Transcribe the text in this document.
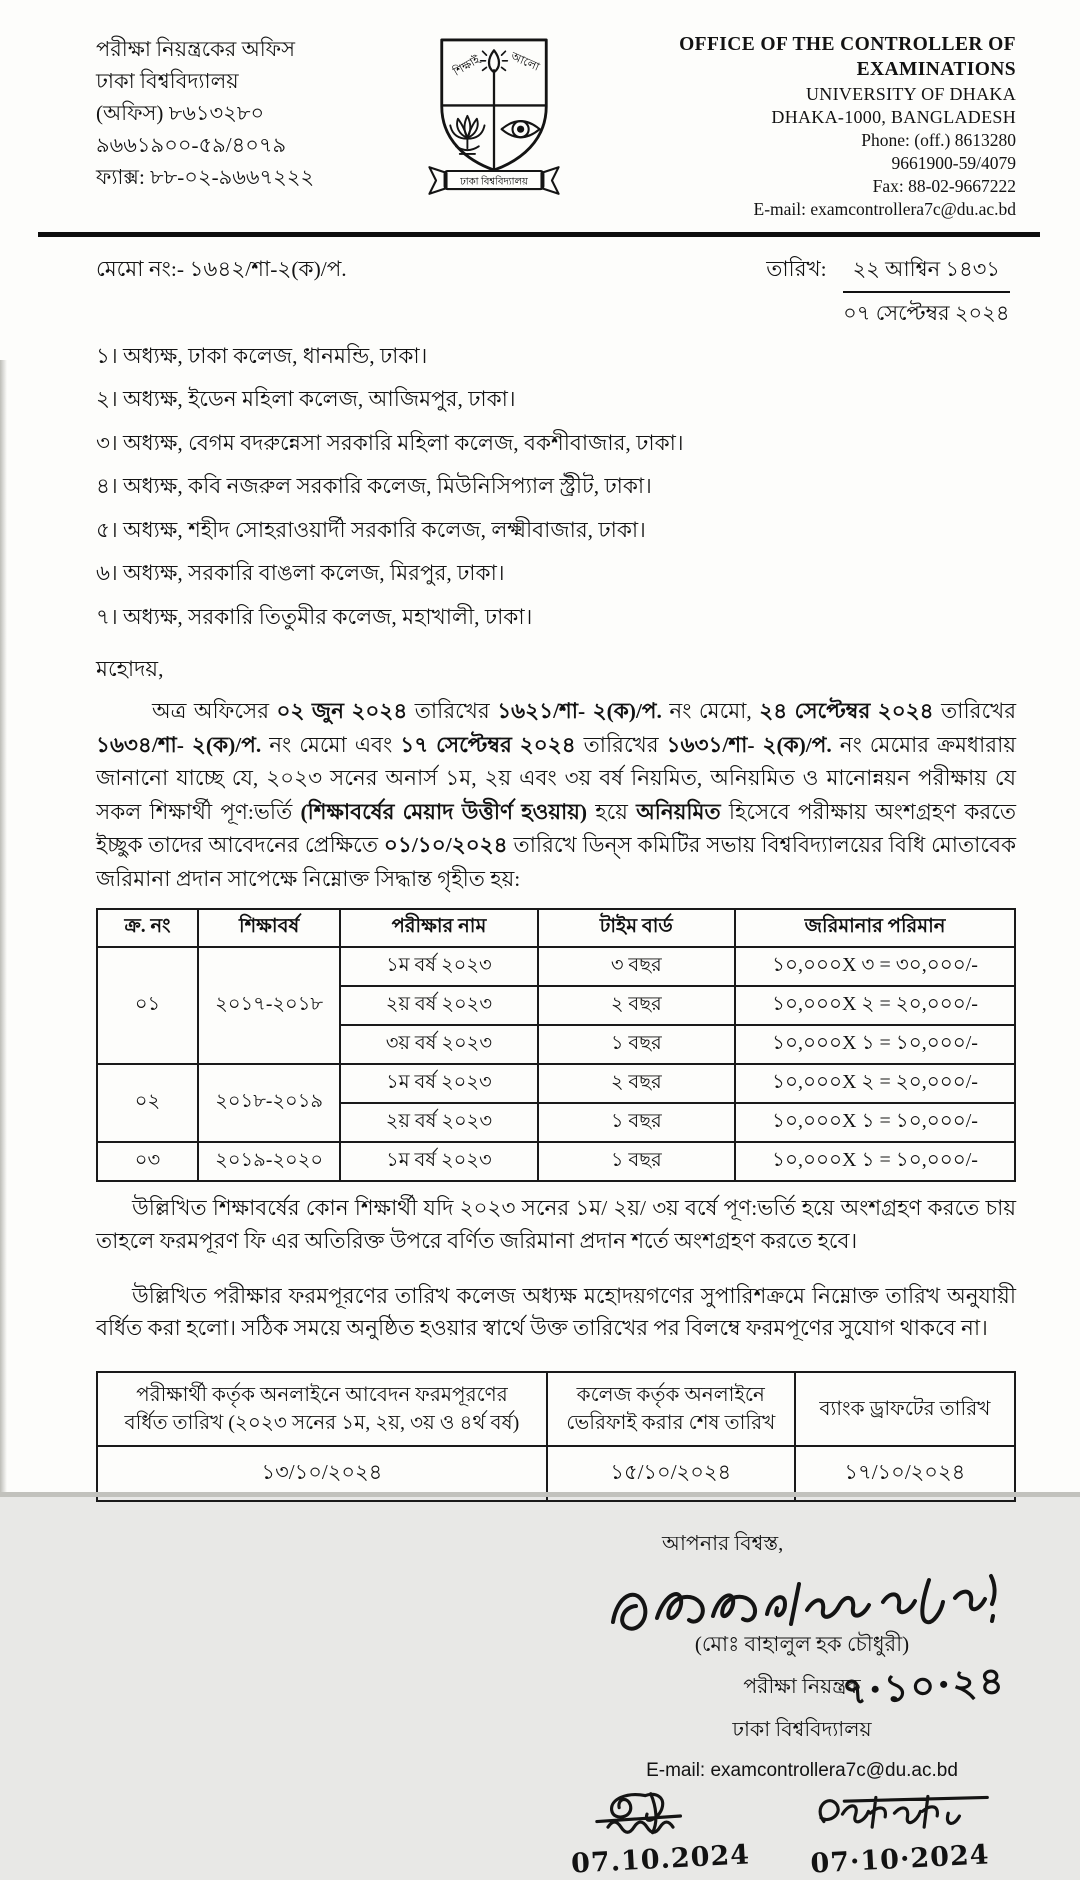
পরীক্ষা নিয়ন্ত্রকের অফিস
ঢাকা বিশ্ববিদ্যালয়
(অফিস) ৮৬১৩২৮০
৯৬৬১৯০০-৫৯/৪০৭৯
ফ্যাক্স: ৮৮-০২-৯৬৬৭২২২
শিক্ষাই আলো
ঢাকা বিশ্ববিদ্যালয়
OFFICE OF THE CONTROLLER OF
EXAMINATIONS
UNIVERSITY OF DHAKA
DHAKA-1000, BANGLADESH
Phone: (off.) 8613280
9661900-59/4079
Fax: 88-02-9667222
E-mail: examcontrollera7c@du.ac.bd
মেমো নং:- ১৬৪২/শা-২(ক)/প.	তারিখ:	২২ আশ্বিন ১৪৩১
০৭ সেপ্টেম্বর ২০২৪
১। অধ্যক্ষ, ঢাকা কলেজ, ধানমন্ডি, ঢাকা।
২। অধ্যক্ষ, ইডেন মহিলা কলেজ, আজিমপুর, ঢাকা।
৩। অধ্যক্ষ, বেগম বদরুন্নেসা সরকারি মহিলা কলেজ, বকশীবাজার, ঢাকা।
৪। অধ্যক্ষ, কবি নজরুল সরকারি কলেজ, মিউনিসিপ্যাল স্ট্রীট, ঢাকা।
৫। অধ্যক্ষ, শহীদ সোহরাওয়ার্দী সরকারি কলেজ, লক্ষ্মীবাজার, ঢাকা।
৬। অধ্যক্ষ, সরকারি বাঙলা কলেজ, মিরপুর, ঢাকা।
৭। অধ্যক্ষ, সরকারি তিতুমীর কলেজ, মহাখালী, ঢাকা।
মহোদয়,

অত্র অফিসের ০২ জুন ২০২৪ তারিখের ১৬২১/শা- ২(ক)/প. নং মেমো, ২৪ সেপ্টেম্বর ২০২৪ তারিখের ১৬৩৪/শা- ২(ক)/প. নং মেমো এবং ১৭ সেপ্টেম্বর ২০২৪ তারিখের ১৬৩১/শা- ২(ক)/প. নং মেমোর ক্রমধারায় জানানো যাচ্ছে যে, ২০২৩ সনের অনার্স ১ম, ২য় এবং ৩য় বর্ষ নিয়মিত, অনিয়মিত ও মানোন্নয়ন পরীক্ষায় যে সকল শিক্ষার্থী পূণ:ভর্তি (শিক্ষাবর্ষের মেয়াদ উত্তীর্ণ হওয়ায়) হয়ে অনিয়মিত হিসেবে পরীক্ষায় অংশগ্রহণ করতে ইচ্ছুক তাদের আবেদনের প্রেক্ষিতে ০১/১০/২০২৪ তারিখে ডিন্‌স কমিটির সভায় বিশ্ববিদ্যালয়ের বিধি মোতাবেক জরিমানা প্রদান সাপেক্ষে নিম্নোক্ত সিদ্ধান্ত গৃহীত হয়:

ক্র. নং	শিক্ষাবর্ষ	পরীক্ষার নাম	টাইম বার্ড	জরিমানার পরিমান
০১	২০১৭-২০১৮	১ম বর্ষ ২০২৩	৩ বছর	১০,০০০X ৩ = ৩০,০০০/-
		২য় বর্ষ ২০২৩	২ বছর	১০,০০০X ২ = ২০,০০০/-
		৩য় বর্ষ ২০২৩	১ বছর	১০,০০০X ১ = ১০,০০০/-
০২	২০১৮-২০১৯	১ম বর্ষ ২০২৩	২ বছর	১০,০০০X ২ = ২০,০০০/-
		২য় বর্ষ ২০২৩	১ বছর	১০,০০০X ১ = ১০,০০০/-
০৩	২০১৯-২০২০	১ম বর্ষ ২০২৩	১ বছর	১০,০০০X ১ = ১০,০০০/-

উল্লিখিত শিক্ষাবর্ষের কোন শিক্ষার্থী যদি ২০২৩ সনের ১ম/ ২য়/ ৩য় বর্ষে পূণ:ভর্তি হয়ে অংশগ্রহণ করতে চায় তাহলে ফরমপূরণ ফি এর অতিরিক্ত উপরে বর্ণিত জরিমানা প্রদান শর্তে অংশগ্রহণ করতে হবে।

উল্লিখিত পরীক্ষার ফরমপূরণের তারিখ কলেজ অধ্যক্ষ মহোদয়গণের সুপারিশক্রমে নিম্নোক্ত তারিখ অনুযায়ী বর্ধিত করা হলো। সঠিক সময়ে অনুষ্ঠিত হওয়ার স্বার্থে উক্ত তারিখের পর বিলম্বে ফরমপূণের সুযোগ থাকবে না।

পরীক্ষার্থী কর্তৃক অনলাইনে আবেদন ফরমপূরণের বর্ধিত তারিখ (২০২৩ সনের ১ম, ২য়, ৩য় ও ৪র্থ বর্ষ)	কলেজ কর্তৃক অনলাইনে ভেরিফাই করার শেষ তারিখ	ব্যাংক ড্রাফটের তারিখ
১৩/১০/২০২৪	১৫/১০/২০২৪	১৭/১০/২০২৪
আপনার বিশ্বস্ত,
(মোঃ বাহালুল হক চৌধুরী)
পরীক্ষা নিয়ন্ত্রক
৭·১০·২৪
ঢাকা বিশ্ববিদ্যালয়
E-mail: examcontrollera7c@du.ac.bd
07.10.2024	07·10·2024
